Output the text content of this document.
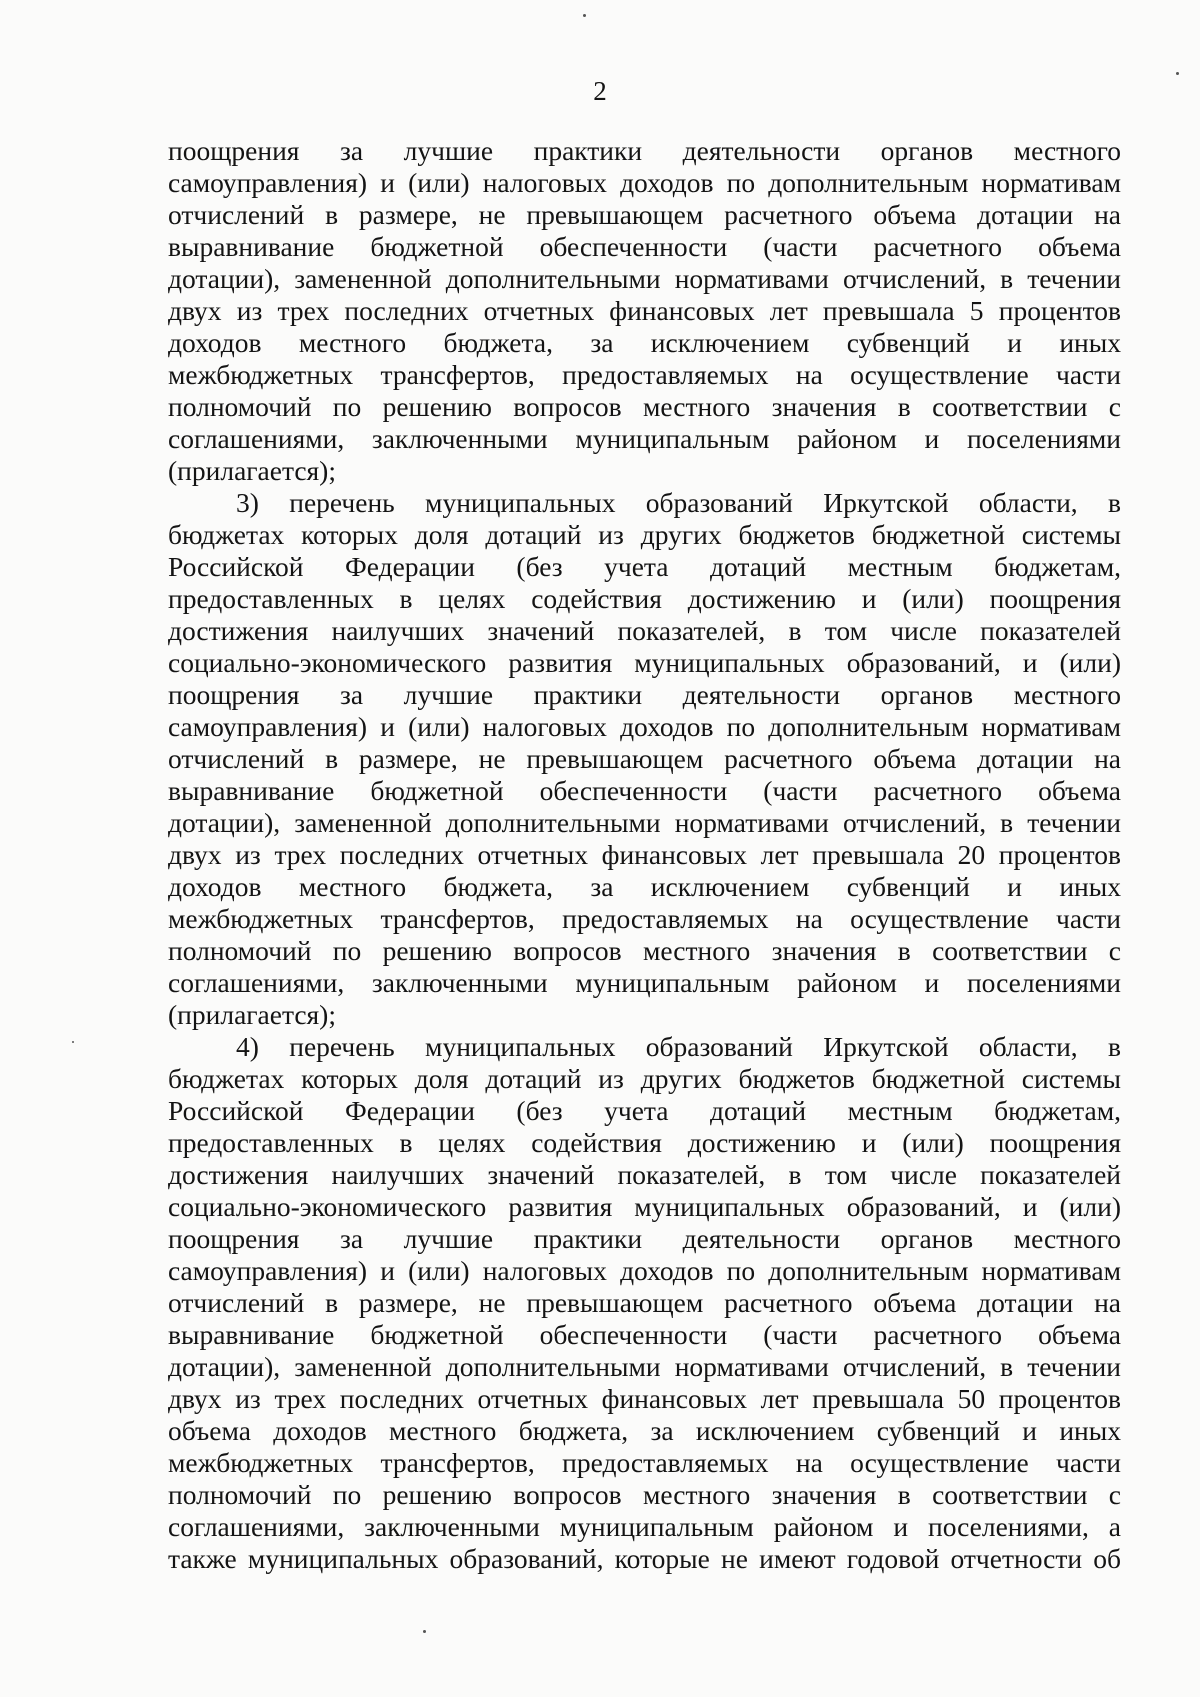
2
поощрения за лучшие практики деятельности органов местного
самоуправления) и (или) налоговых доходов по дополнительным нормативам
отчислений в размере, не превышающем расчетного объема дотации на
выравнивание бюджетной обеспеченности (части расчетного объема
дотации), замененной дополнительными нормативами отчислений, в течении
двух из трех последних отчетных финансовых лет превышала 5 процентов
доходов местного бюджета, за исключением субвенций и иных
межбюджетных трансфертов, предоставляемых на осуществление части
полномочий по решению вопросов местного значения в соответствии с
соглашениями, заключенными муниципальным районом и поселениями
(прилагается);
3) перечень муниципальных образований Иркутской области, в
бюджетах которых доля дотаций из других бюджетов бюджетной системы
Российской Федерации (без учета дотаций местным бюджетам,
предоставленных в целях содействия достижению и (или) поощрения
достижения наилучших значений показателей, в том числе показателей
социально-экономического развития муниципальных образований, и (или)
поощрения за лучшие практики деятельности органов местного
самоуправления) и (или) налоговых доходов по дополнительным нормативам
отчислений в размере, не превышающем расчетного объема дотации на
выравнивание бюджетной обеспеченности (части расчетного объема
дотации), замененной дополнительными нормативами отчислений, в течении
двух из трех последних отчетных финансовых лет превышала 20 процентов
доходов местного бюджета, за исключением субвенций и иных
межбюджетных трансфертов, предоставляемых на осуществление части
полномочий по решению вопросов местного значения в соответствии с
соглашениями, заключенными муниципальным районом и поселениями
(прилагается);
4) перечень муниципальных образований Иркутской области, в
бюджетах которых доля дотаций из других бюджетов бюджетной системы
Российской Федерации (без учета дотаций местным бюджетам,
предоставленных в целях содействия достижению и (или) поощрения
достижения наилучших значений показателей, в том числе показателей
социально-экономического развития муниципальных образований, и (или)
поощрения за лучшие практики деятельности органов местного
самоуправления) и (или) налоговых доходов по дополнительным нормативам
отчислений в размере, не превышающем расчетного объема дотации на
выравнивание бюджетной обеспеченности (части расчетного объема
дотации), замененной дополнительными нормативами отчислений, в течении
двух из трех последних отчетных финансовых лет превышала 50 процентов
объема доходов местного бюджета, за исключением субвенций и иных
межбюджетных трансфертов, предоставляемых на осуществление части
полномочий по решению вопросов местного значения в соответствии с
соглашениями, заключенными муниципальным районом и поселениями, а
также муниципальных образований, которые не имеют годовой отчетности об
